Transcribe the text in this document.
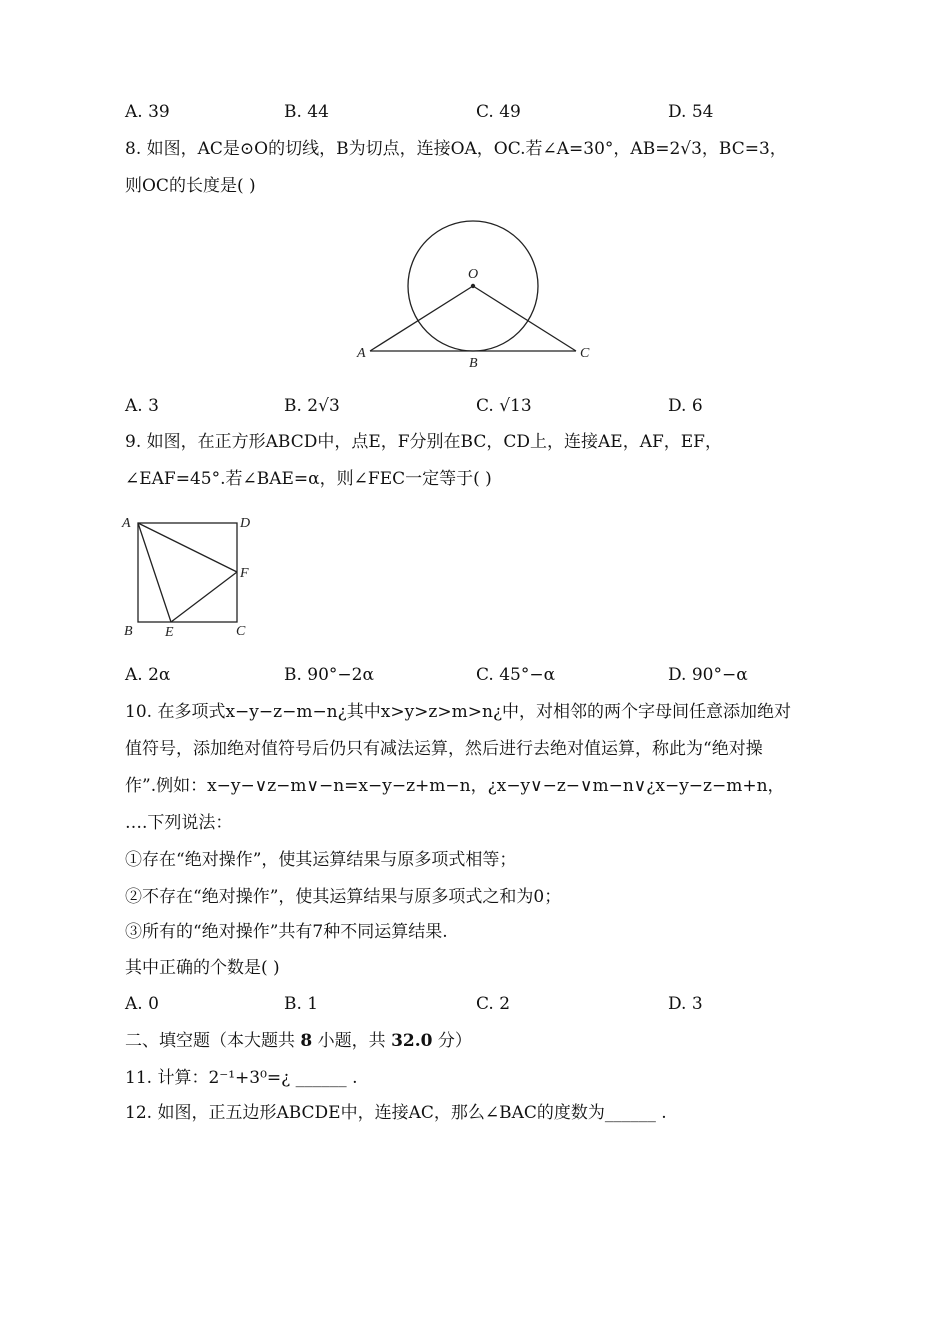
A. 39	B. 44	C. 49	D. 54
8. 如图，AC是⊙O的切线，B为切点，连接OA，OC.若∠A=30°，AB=2√3，BC=3，
则OC的长度是( )
O
A
B
C
A. 3	B. 2√3	C. √13	D. 6
9. 如图，在正方形ABCD中，点E，F分别在BC，CD上，连接AE，AF，EF，
∠EAF=45°.若∠BAE=α，则∠FEC一定等于( )
A	D
F
B E	C
A. 2α	B. 90°−2α	C. 45°−α	D. 90°−α
10. 在多项式x−y−z−m−n¿其中x>y>z>m>n¿中，对相邻的两个字母间任意添加绝对
值符号，添加绝对值符号后仍只有减法运算，然后进行去绝对值运算，称此为“绝对操
作”.例如：x−y−∨z−m∨−n=x−y−z+m−n，¿x−y∨−z−∨m−n∨¿x−y−z−m+n，
….下列说法：
①存在“绝对操作”，使其运算结果与原多项式相等；
②不存在“绝对操作”，使其运算结果与原多项式之和为0；
③所有的“绝对操作”共有7种不同运算结果.
其中正确的个数是( )
A. 0	B. 1	C. 2	D. 3
二、填空题（本大题共 8 小题，共 32.0 分）
11. 计算：2⁻¹+3⁰=¿ ______ .
12. 如图，正五边形ABCDE中，连接AC，那么∠BAC的度数为______ .
